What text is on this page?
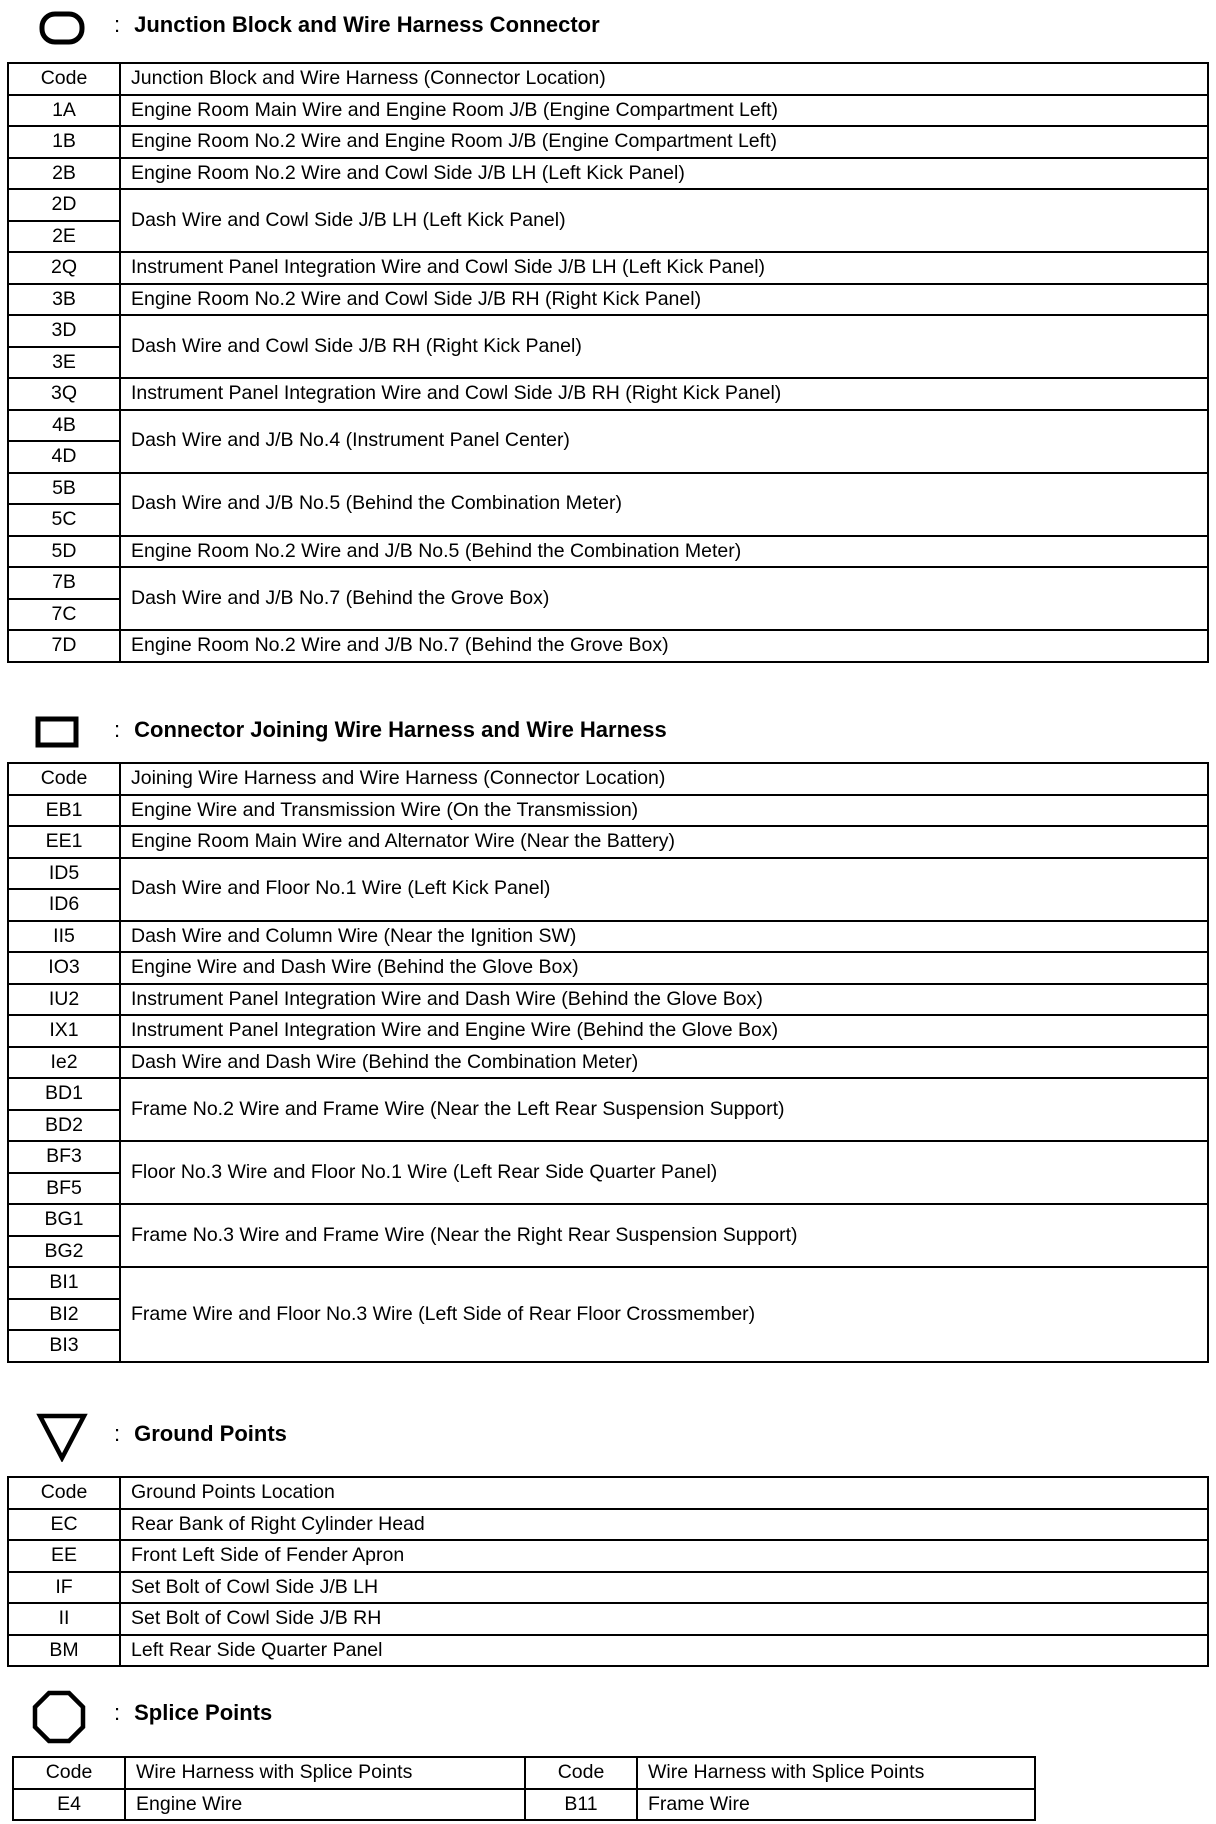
: Junction Block and Wire Harness Connector
Code	Junction Block and Wire Harness (Connector Location)
1A	Engine Room Main Wire and Engine Room J/B (Engine Compartment Left)
1B	Engine Room No.2 Wire and Engine Room J/B (Engine Compartment Left)
2B	Engine Room No.2 Wire and Cowl Side J/B LH (Left Kick Panel)
2D	Dash Wire and Cowl Side J/B LH (Left Kick Panel)
2E	
2Q	Instrument Panel Integration Wire and Cowl Side J/B LH (Left Kick Panel)
3B	Engine Room No.2 Wire and Cowl Side J/B RH (Right Kick Panel)
3D	Dash Wire and Cowl Side J/B RH (Right Kick Panel)
3E	
3Q	Instrument Panel Integration Wire and Cowl Side J/B RH (Right Kick Panel)
4B	Dash Wire and J/B No.4 (Instrument Panel Center)
4D	
5B	Dash Wire and J/B No.5 (Behind the Combination Meter)
5C	
5D	Engine Room No.2 Wire and J/B No.5 (Behind the Combination Meter)
7B	Dash Wire and J/B No.7 (Behind the Grove Box)
7C	
7D	Engine Room No.2 Wire and J/B No.7 (Behind the Grove Box)
: Connector Joining Wire Harness and Wire Harness
Code	Joining Wire Harness and Wire Harness (Connector Location)
EB1	Engine Wire and Transmission Wire (On the Transmission)
EE1	Engine Room Main Wire and Alternator Wire (Near the Battery)
ID5	Dash Wire and Floor No.1 Wire (Left Kick Panel)
ID6	
II5	Dash Wire and Column Wire (Near the Ignition SW)
IO3	Engine Wire and Dash Wire (Behind the Glove Box)
IU2	Instrument Panel Integration Wire and Dash Wire (Behind the Glove Box)
IX1	Instrument Panel Integration Wire and Engine Wire (Behind the Glove Box)
Ie2	Dash Wire and Dash Wire (Behind the Combination Meter)
BD1	Frame No.2 Wire and Frame Wire (Near the Left Rear Suspension Support)
BD2	
BF3	Floor No.3 Wire and Floor No.1 Wire (Left Rear Side Quarter Panel)
BF5	
BG1	Frame No.3 Wire and Frame Wire (Near the Right Rear Suspension Support)
BG2	
BI1	Frame Wire and Floor No.3 Wire (Left Side of Rear Floor Crossmember)
BI2	
BI3	
: Ground Points
Code	Ground Points Location
EC	Rear Bank of Right Cylinder Head
EE	Front Left Side of Fender Apron
IF	Set Bolt of Cowl Side J/B LH
II	Set Bolt of Cowl Side J/B RH
BM	Left Rear Side Quarter Panel
: Splice Points
Code	Wire Harness with Splice Points	Code	Wire Harness with Splice Points
E4	Engine Wire	B11	Frame Wire
